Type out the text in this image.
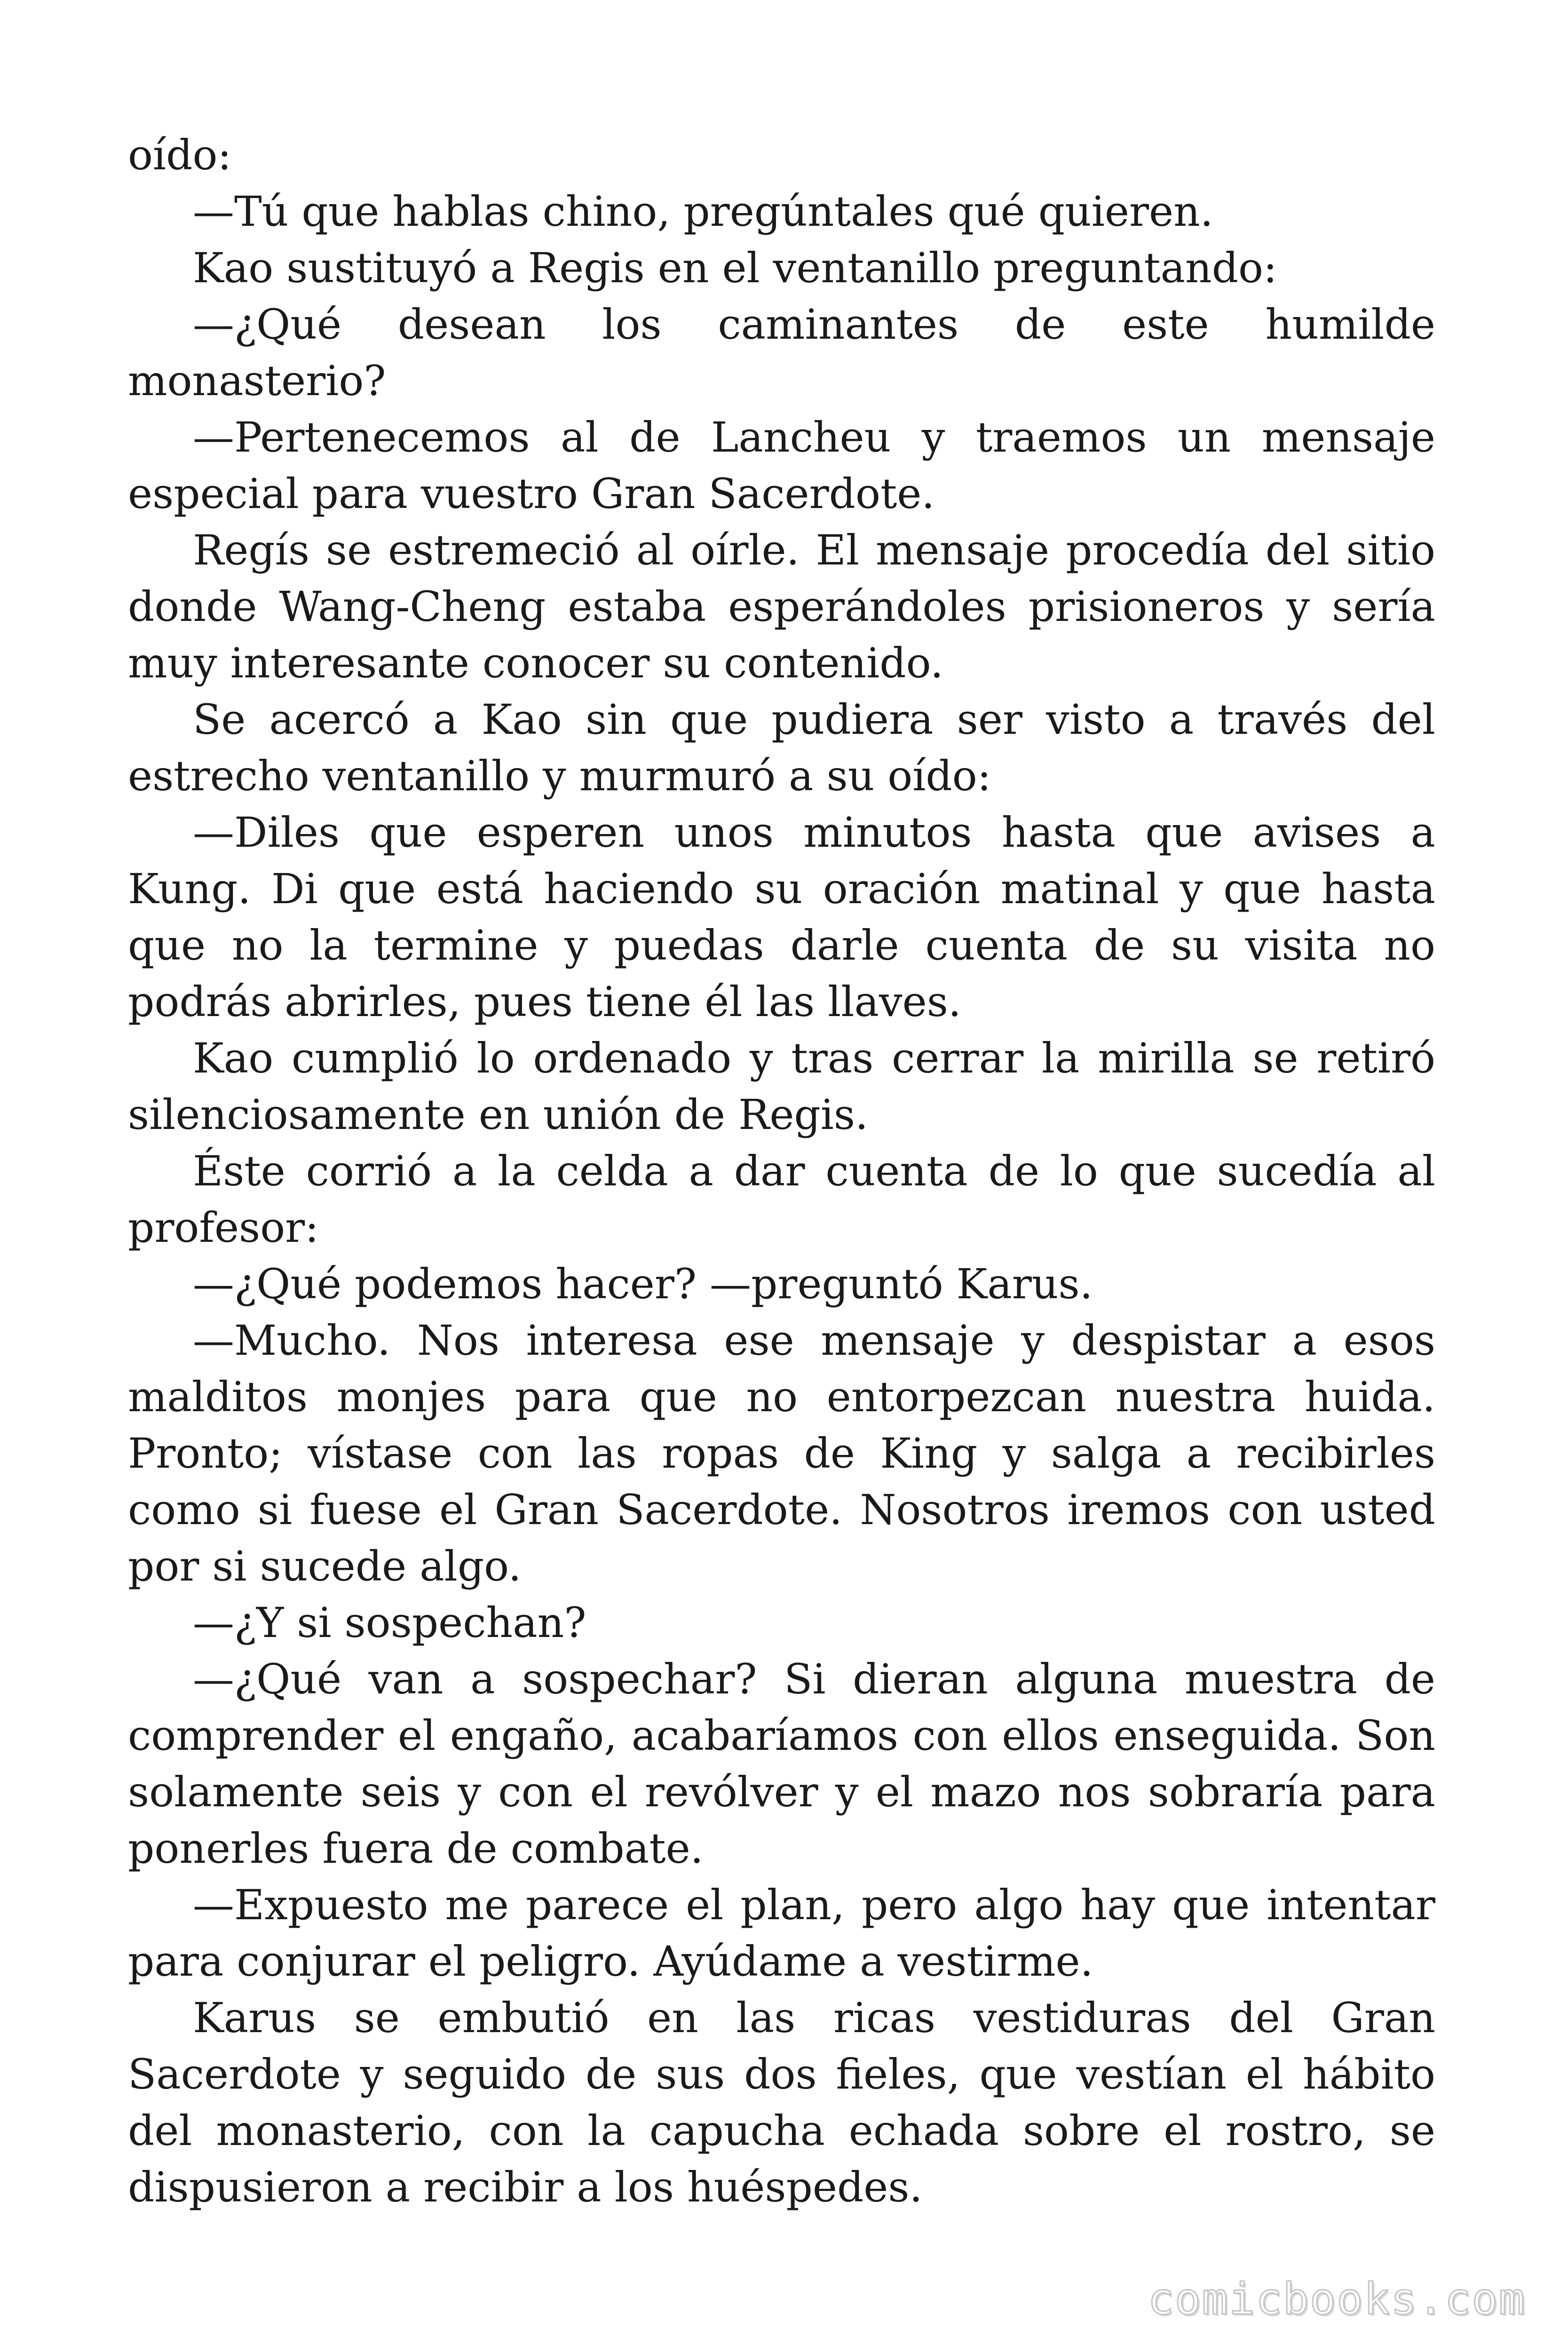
oído:

—Tú que hablas chino, pregúntales qué quieren.

Kao sustituyó a Regis en el ventanillo preguntando:

—¿Qué desean los caminantes de este humilde monasterio?

—Pertenecemos al de Lancheu y traemos un mensaje especial para vuestro Gran Sacerdote.

Regís se estremeció al oírle. El mensaje procedía del sitio donde Wang-Cheng estaba esperándoles prisioneros y sería muy interesante conocer su contenido.

Se acercó a Kao sin que pudiera ser visto a través del estrecho ventanillo y murmuró a su oído:

—Diles que esperen unos minutos hasta que avises a Kung. Di que está haciendo su oración matinal y que hasta que no la termine y puedas darle cuenta de su visita no podrás abrirles, pues tiene él las llaves.

Kao cumplió lo ordenado y tras cerrar la mirilla se retiró silenciosamente en unión de Regis.

Éste corrió a la celda a dar cuenta de lo que sucedía al profesor:

—¿Qué podemos hacer? —preguntó Karus.

—Mucho. Nos interesa ese mensaje y despistar a esos malditos monjes para que no entorpezcan nuestra huida. Pronto; vístase con las ropas de King y salga a recibirles como si fuese el Gran Sacerdote. Nosotros iremos con usted por si sucede algo.

—¿Y si sospechan?

—¿Qué van a sospechar? Si dieran alguna muestra de comprender el engaño, acabaríamos con ellos enseguida. Son solamente seis y con el revólver y el mazo nos sobraría para ponerles fuera de combate.

—Expuesto me parece el plan, pero algo hay que intentar para conjurar el peligro. Ayúdame a vestirme.

Karus se embutió en las ricas vestiduras del Gran Sacerdote y seguido de sus dos fieles, que vestían el hábito del monasterio, con la capucha echada sobre el rostro, se dispusieron a recibir a los huéspedes.

comicbooks.com
